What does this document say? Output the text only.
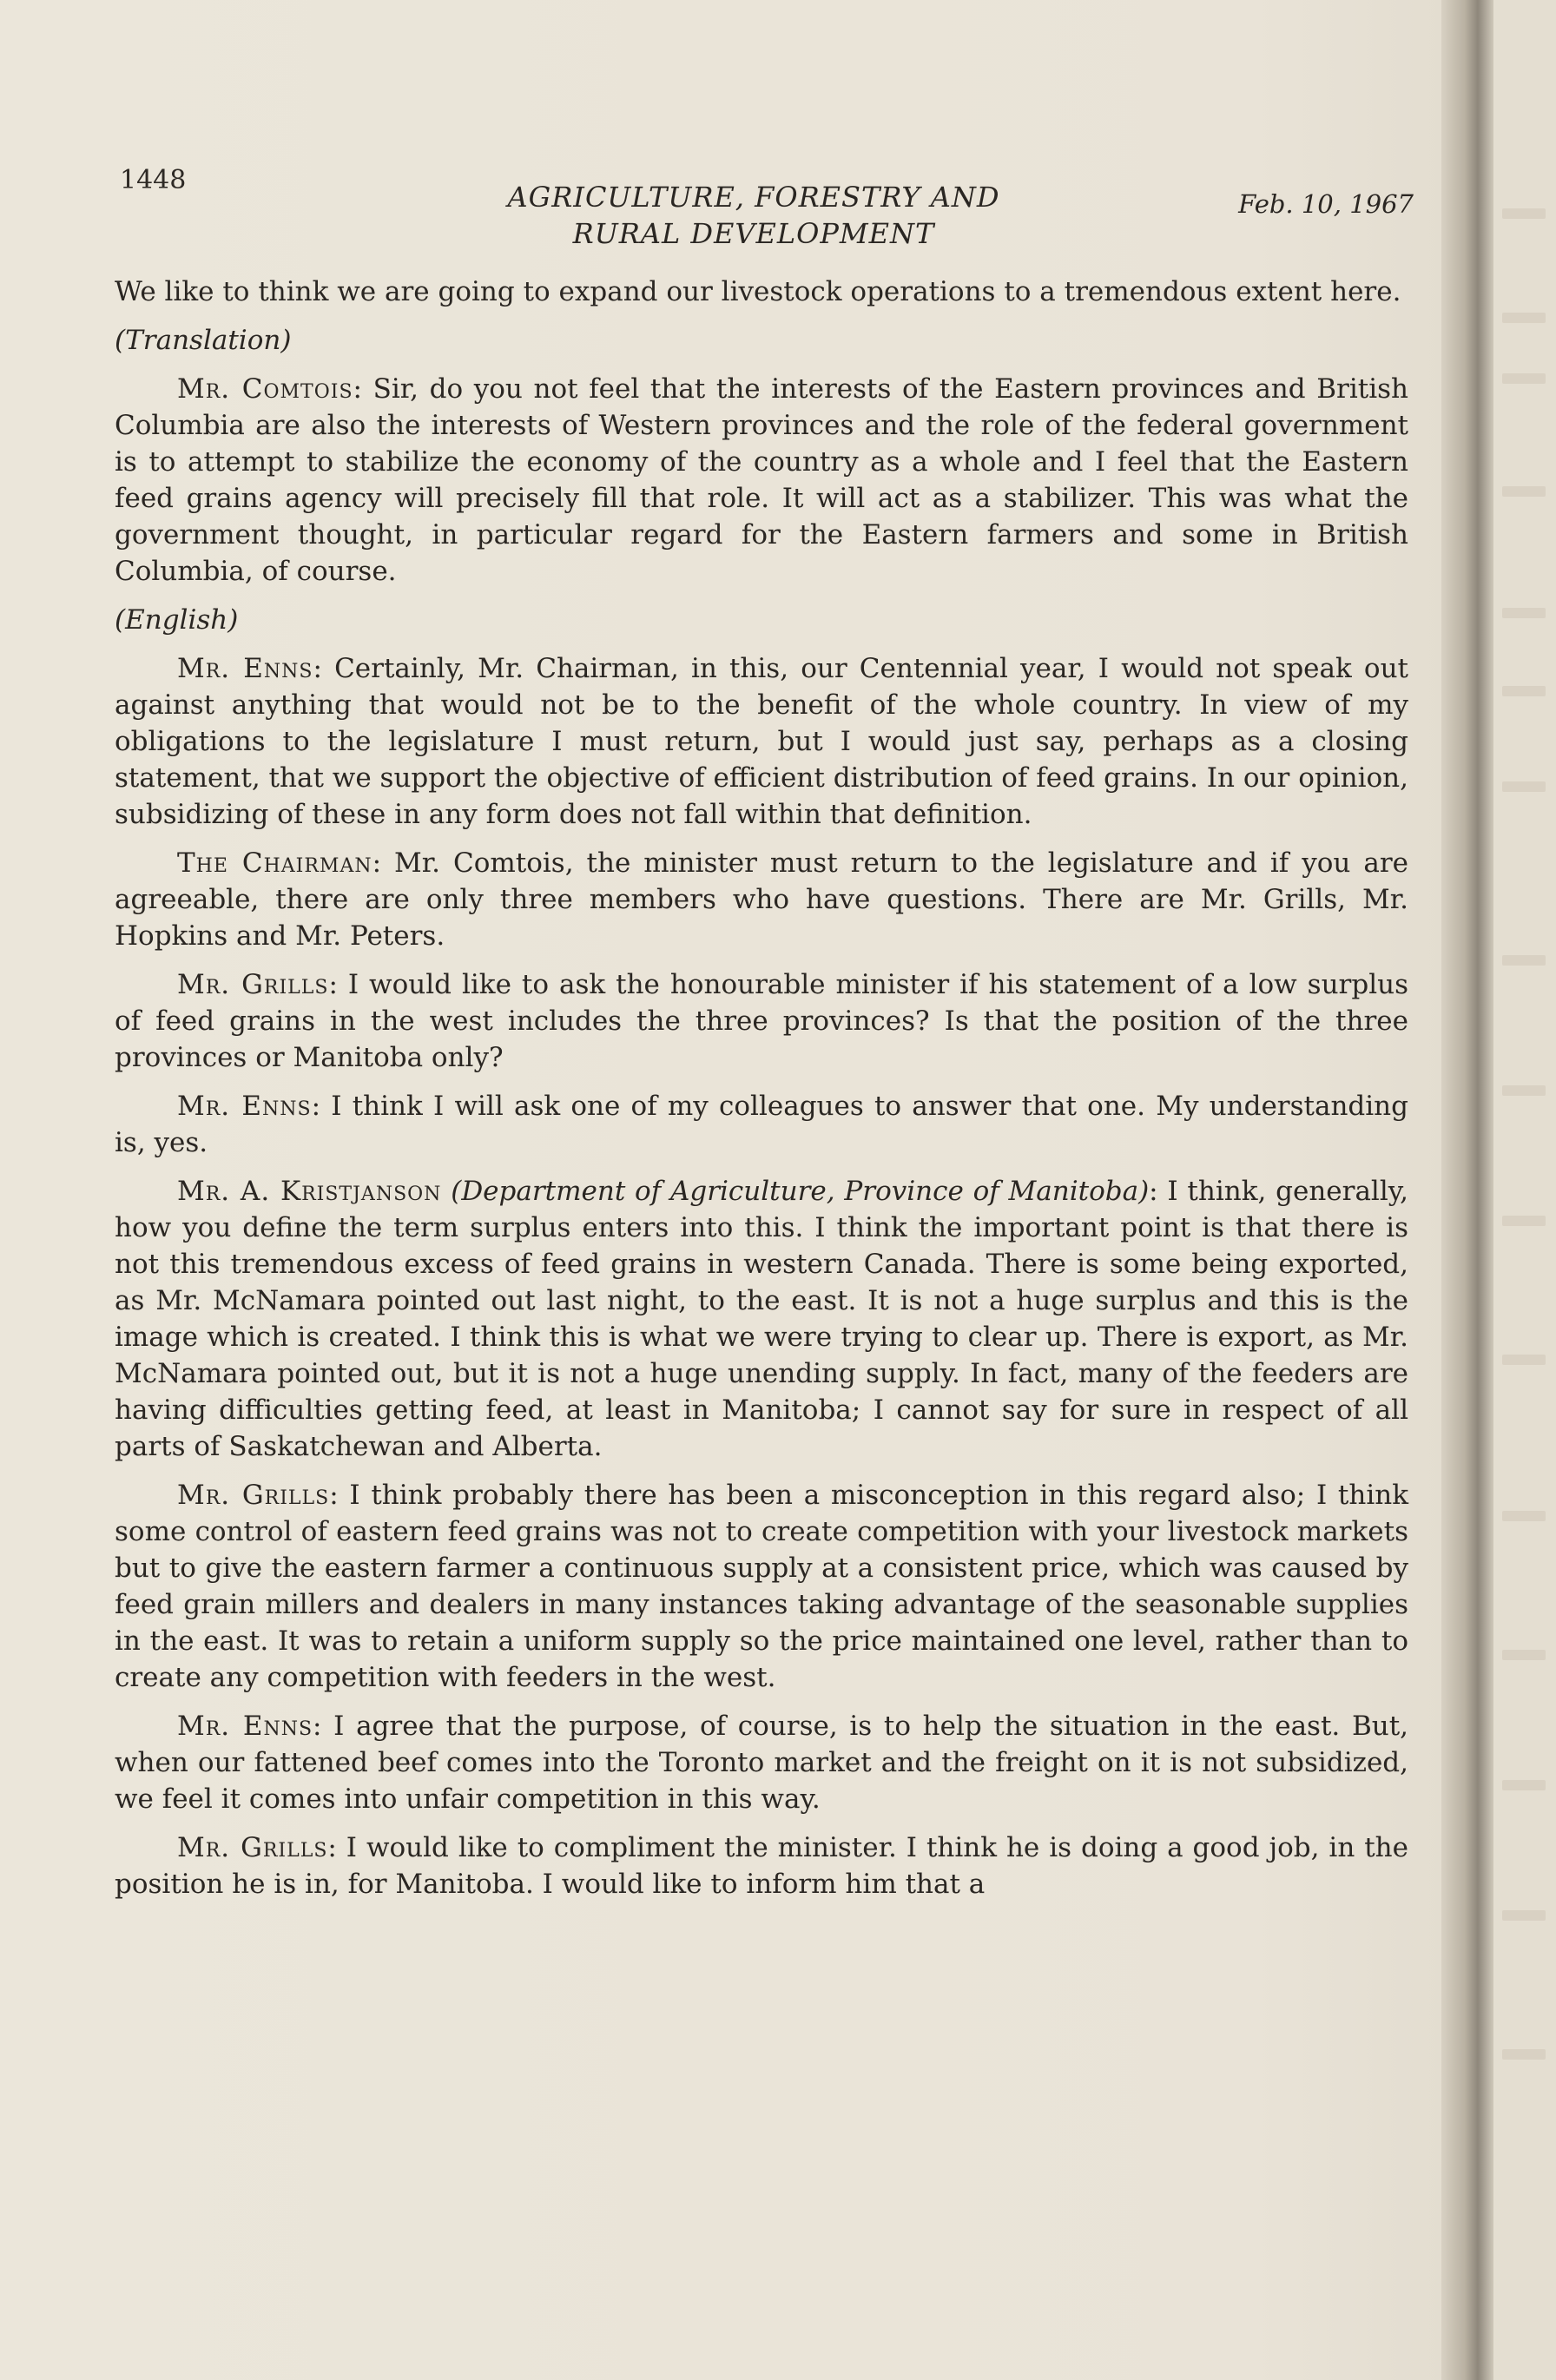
1448
AGRICULTURE, FORESTRY AND
RURAL DEVELOPMENT
Feb. 10, 1967

We like to think we are going to expand our livestock operations to a tremendous extent here.

(Translation)

Mr. Comtois: Sir, do you not feel that the interests of the Eastern provinces and British Columbia are also the interests of Western provinces and the role of the federal government is to attempt to stabilize the economy of the country as a whole and I feel that the Eastern feed grains agency will precisely fill that role. It will act as a stabilizer. This was what the government thought, in particular regard for the Eastern farmers and some in British Columbia, of course.

(English)

Mr. Enns: Certainly, Mr. Chairman, in this, our Centennial year, I would not speak out against anything that would not be to the benefit of the whole country. In view of my obligations to the legislature I must return, but I would just say, perhaps as a closing statement, that we support the objective of efficient distribution of feed grains. In our opinion, subsidizing of these in any form does not fall within that definition.

The Chairman: Mr. Comtois, the minister must return to the legislature and if you are agreeable, there are only three members who have questions. There are Mr. Grills, Mr. Hopkins and Mr. Peters.

Mr. Grills: I would like to ask the honourable minister if his statement of a low surplus of feed grains in the west includes the three provinces? Is that the position of the three provinces or Manitoba only?

Mr. Enns: I think I will ask one of my colleagues to answer that one. My understanding is, yes.

Mr. A. Kristjanson (Department of Agriculture, Province of Manitoba): I think, generally, how you define the term surplus enters into this. I think the important point is that there is not this tremendous excess of feed grains in western Canada. There is some being exported, as Mr. McNamara pointed out last night, to the east. It is not a huge surplus and this is the image which is created. I think this is what we were trying to clear up. There is export, as Mr. McNamara pointed out, but it is not a huge unending supply. In fact, many of the feeders are having difficulties getting feed, at least in Manitoba; I cannot say for sure in respect of all parts of Saskatchewan and Alberta.

Mr. Grills: I think probably there has been a misconception in this regard also; I think some control of eastern feed grains was not to create competition with your livestock markets but to give the eastern farmer a continuous supply at a consistent price, which was caused by feed grain millers and dealers in many instances taking advantage of the seasonable supplies in the east. It was to retain a uniform supply so the price maintained one level, rather than to create any competition with feeders in the west.

Mr. Enns: I agree that the purpose, of course, is to help the situation in the east. But, when our fattened beef comes into the Toronto market and the freight on it is not subsidized, we feel it comes into unfair competition in this way.

Mr. Grills: I would like to compliment the minister. I think he is doing a good job, in the position he is in, for Manitoba. I would like to inform him that a
